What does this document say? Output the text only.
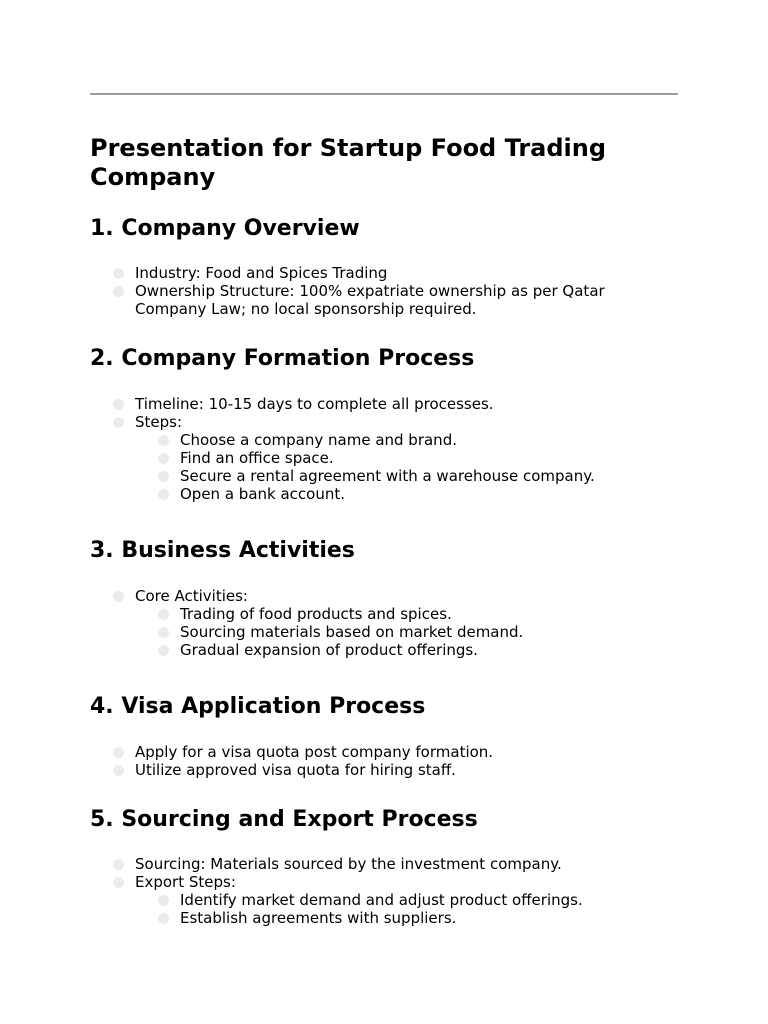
Presentation for Startup Food Trading Company
1. Company Overview
Industry: Food and Spices Trading
Ownership Structure: 100% expatriate ownership as per Qatar Company Law; no local sponsorship required.
2. Company Formation Process
Timeline: 10-15 days to complete all processes.
Steps:
Choose a company name and brand.
Find an office space.
Secure a rental agreement with a warehouse company.
Open a bank account.
3. Business Activities
Core Activities:
Trading of food products and spices.
Sourcing materials based on market demand.
Gradual expansion of product offerings.
4. Visa Application Process
Apply for a visa quota post company formation.
Utilize approved visa quota for hiring staff.
5. Sourcing and Export Process
Sourcing: Materials sourced by the investment company.
Export Steps:
Identify market demand and adjust product offerings.
Establish agreements with suppliers.
